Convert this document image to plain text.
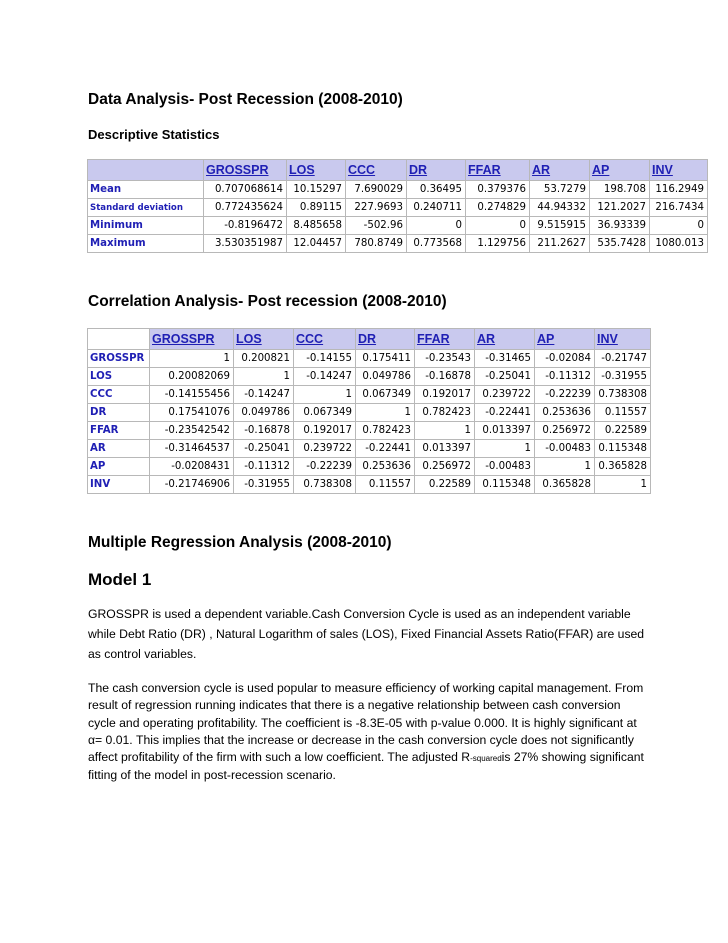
Data Analysis- Post Recession (2008-2010)
Descriptive Statistics
	GROSSPR	LOS	CCC	DR	FFAR	AR	AP	INV
Mean	0.707068614	10.15297	7.690029	0.36495	0.379376	53.7279	198.708	116.2949
Standard deviation	0.772435624	0.89115	227.9693	0.240711	0.274829	44.94332	121.2027	216.7434
Minimum	-0.8196472	8.485658	-502.96	0	0	9.515915	36.93339	0
Maximum	3.530351987	12.04457	780.8749	0.773568	1.129756	211.2627	535.7428	1080.013
Correlation Analysis- Post recession (2008-2010)
	GROSSPR	LOS	CCC	DR	FFAR	AR	AP	INV
GROSSPR	1	0.200821	-0.14155	0.175411	-0.23543	-0.31465	-0.02084	-0.21747
LOS	0.20082069	1	-0.14247	0.049786	-0.16878	-0.25041	-0.11312	-0.31955
CCC	-0.14155456	-0.14247	1	0.067349	0.192017	0.239722	-0.22239	0.738308
DR	0.17541076	0.049786	0.067349	1	0.782423	-0.22441	0.253636	0.11557
FFAR	-0.23542542	-0.16878	0.192017	0.782423	1	0.013397	0.256972	0.22589
AR	-0.31464537	-0.25041	0.239722	-0.22441	0.013397	1	-0.00483	0.115348
AP	-0.0208431	-0.11312	-0.22239	0.253636	0.256972	-0.00483	1	0.365828
INV	-0.21746906	-0.31955	0.738308	0.11557	0.22589	0.115348	0.365828	1
Multiple Regression Analysis (2008-2010)
Model 1
GROSSPR is used a dependent variable.Cash Conversion Cycle is used as an independent variable while Debt Ratio (DR) , Natural Logarithm of sales (LOS), Fixed Financial Assets Ratio(FFAR) are used as control variables.
The cash conversion cycle is used popular to measure efficiency of working capital management. From result of regression running indicates that there is a negative relationship between cash conversion cycle and operating profitability. The coefficient is -8.3E-05 with p-value 0.000. It is highly significant at α= 0.01. This implies that the increase or decrease in the cash conversion cycle does not significantly affect profitability of the firm with such a low coefficient. The adjusted R-squaredis 27% showing significant fitting of the model in post-recession scenario.
